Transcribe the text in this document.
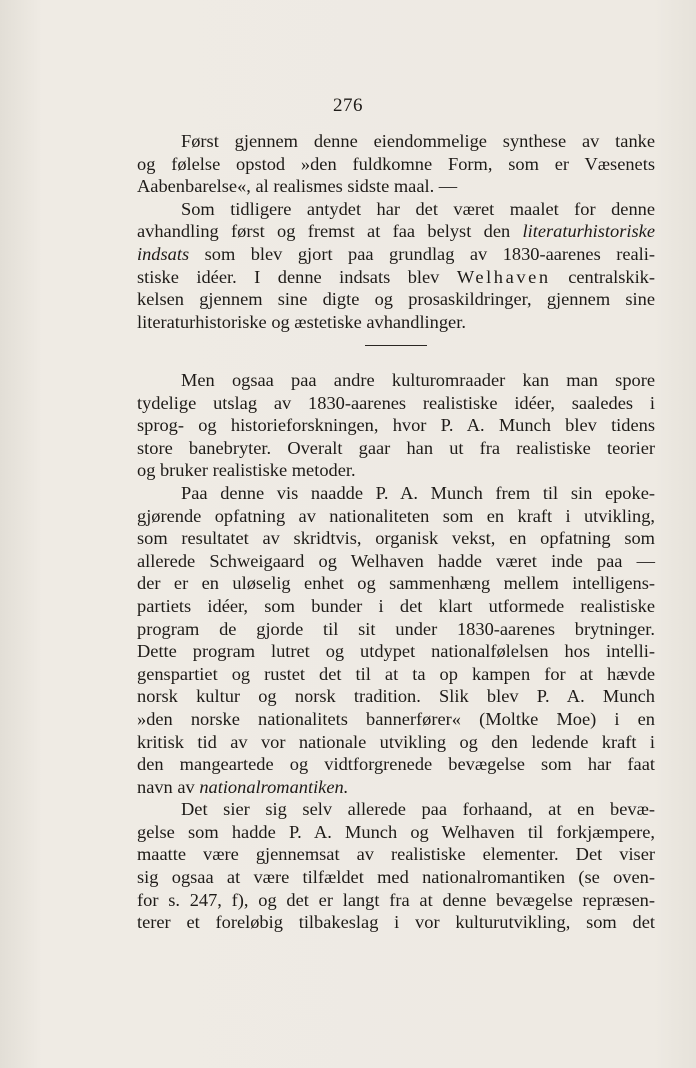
276
Først gjennem denne eiendommelige synthese av tanke
og følelse opstod »den fuldkomne Form, som er Væsenets
Aabenbarelse«, al realismes sidste maal. —
Som tidligere antydet har det været maalet for denne
avhandling først og fremst at faa belyst den literaturhistoriske
indsats som blev gjort paa grundlag av 1830-aarenes reali-
stiske idéer. I denne indsats blev Welhaven centralskik-
kelsen gjennem sine digte og prosaskildringer, gjennem sine
literaturhistoriske og æstetiske avhandlinger.
Men ogsaa paa andre kulturomraader kan man spore
tydelige utslag av 1830-aarenes realistiske idéer, saaledes i
sprog- og historieforskningen, hvor P. A. Munch blev tidens
store banebryter. Overalt gaar han ut fra realistiske teorier
og bruker realistiske metoder.
Paa denne vis naadde P. A. Munch frem til sin epoke-
gjørende opfatning av nationaliteten som en kraft i utvikling,
som resultatet av skridtvis, organisk vekst, en opfatning som
allerede Schweigaard og Welhaven hadde været inde paa —
der er en uløselig enhet og sammenhæng mellem intelligens-
partiets idéer, som bunder i det klart utformede realistiske
program de gjorde til sit under 1830-aarenes brytninger.
Dette program lutret og utdypet nationalfølelsen hos intelli-
genspartiet og rustet det til at ta op kampen for at hævde
norsk kultur og norsk tradition. Slik blev P. A. Munch
»den norske nationalitets bannerfører« (Moltke Moe) i en
kritisk tid av vor nationale utvikling og den ledende kraft i
den mangeartede og vidtforgrenede bevægelse som har faat
navn av nationalromantiken.
Det sier sig selv allerede paa forhaand, at en bevæ-
gelse som hadde P. A. Munch og Welhaven til forkjæmpere,
maatte være gjennemsat av realistiske elementer. Det viser
sig ogsaa at være tilfældet med nationalromantiken (se oven-
for s. 247, f), og det er langt fra at denne bevægelse repræsen-
terer et foreløbig tilbakeslag i vor kulturutvikling, som det
